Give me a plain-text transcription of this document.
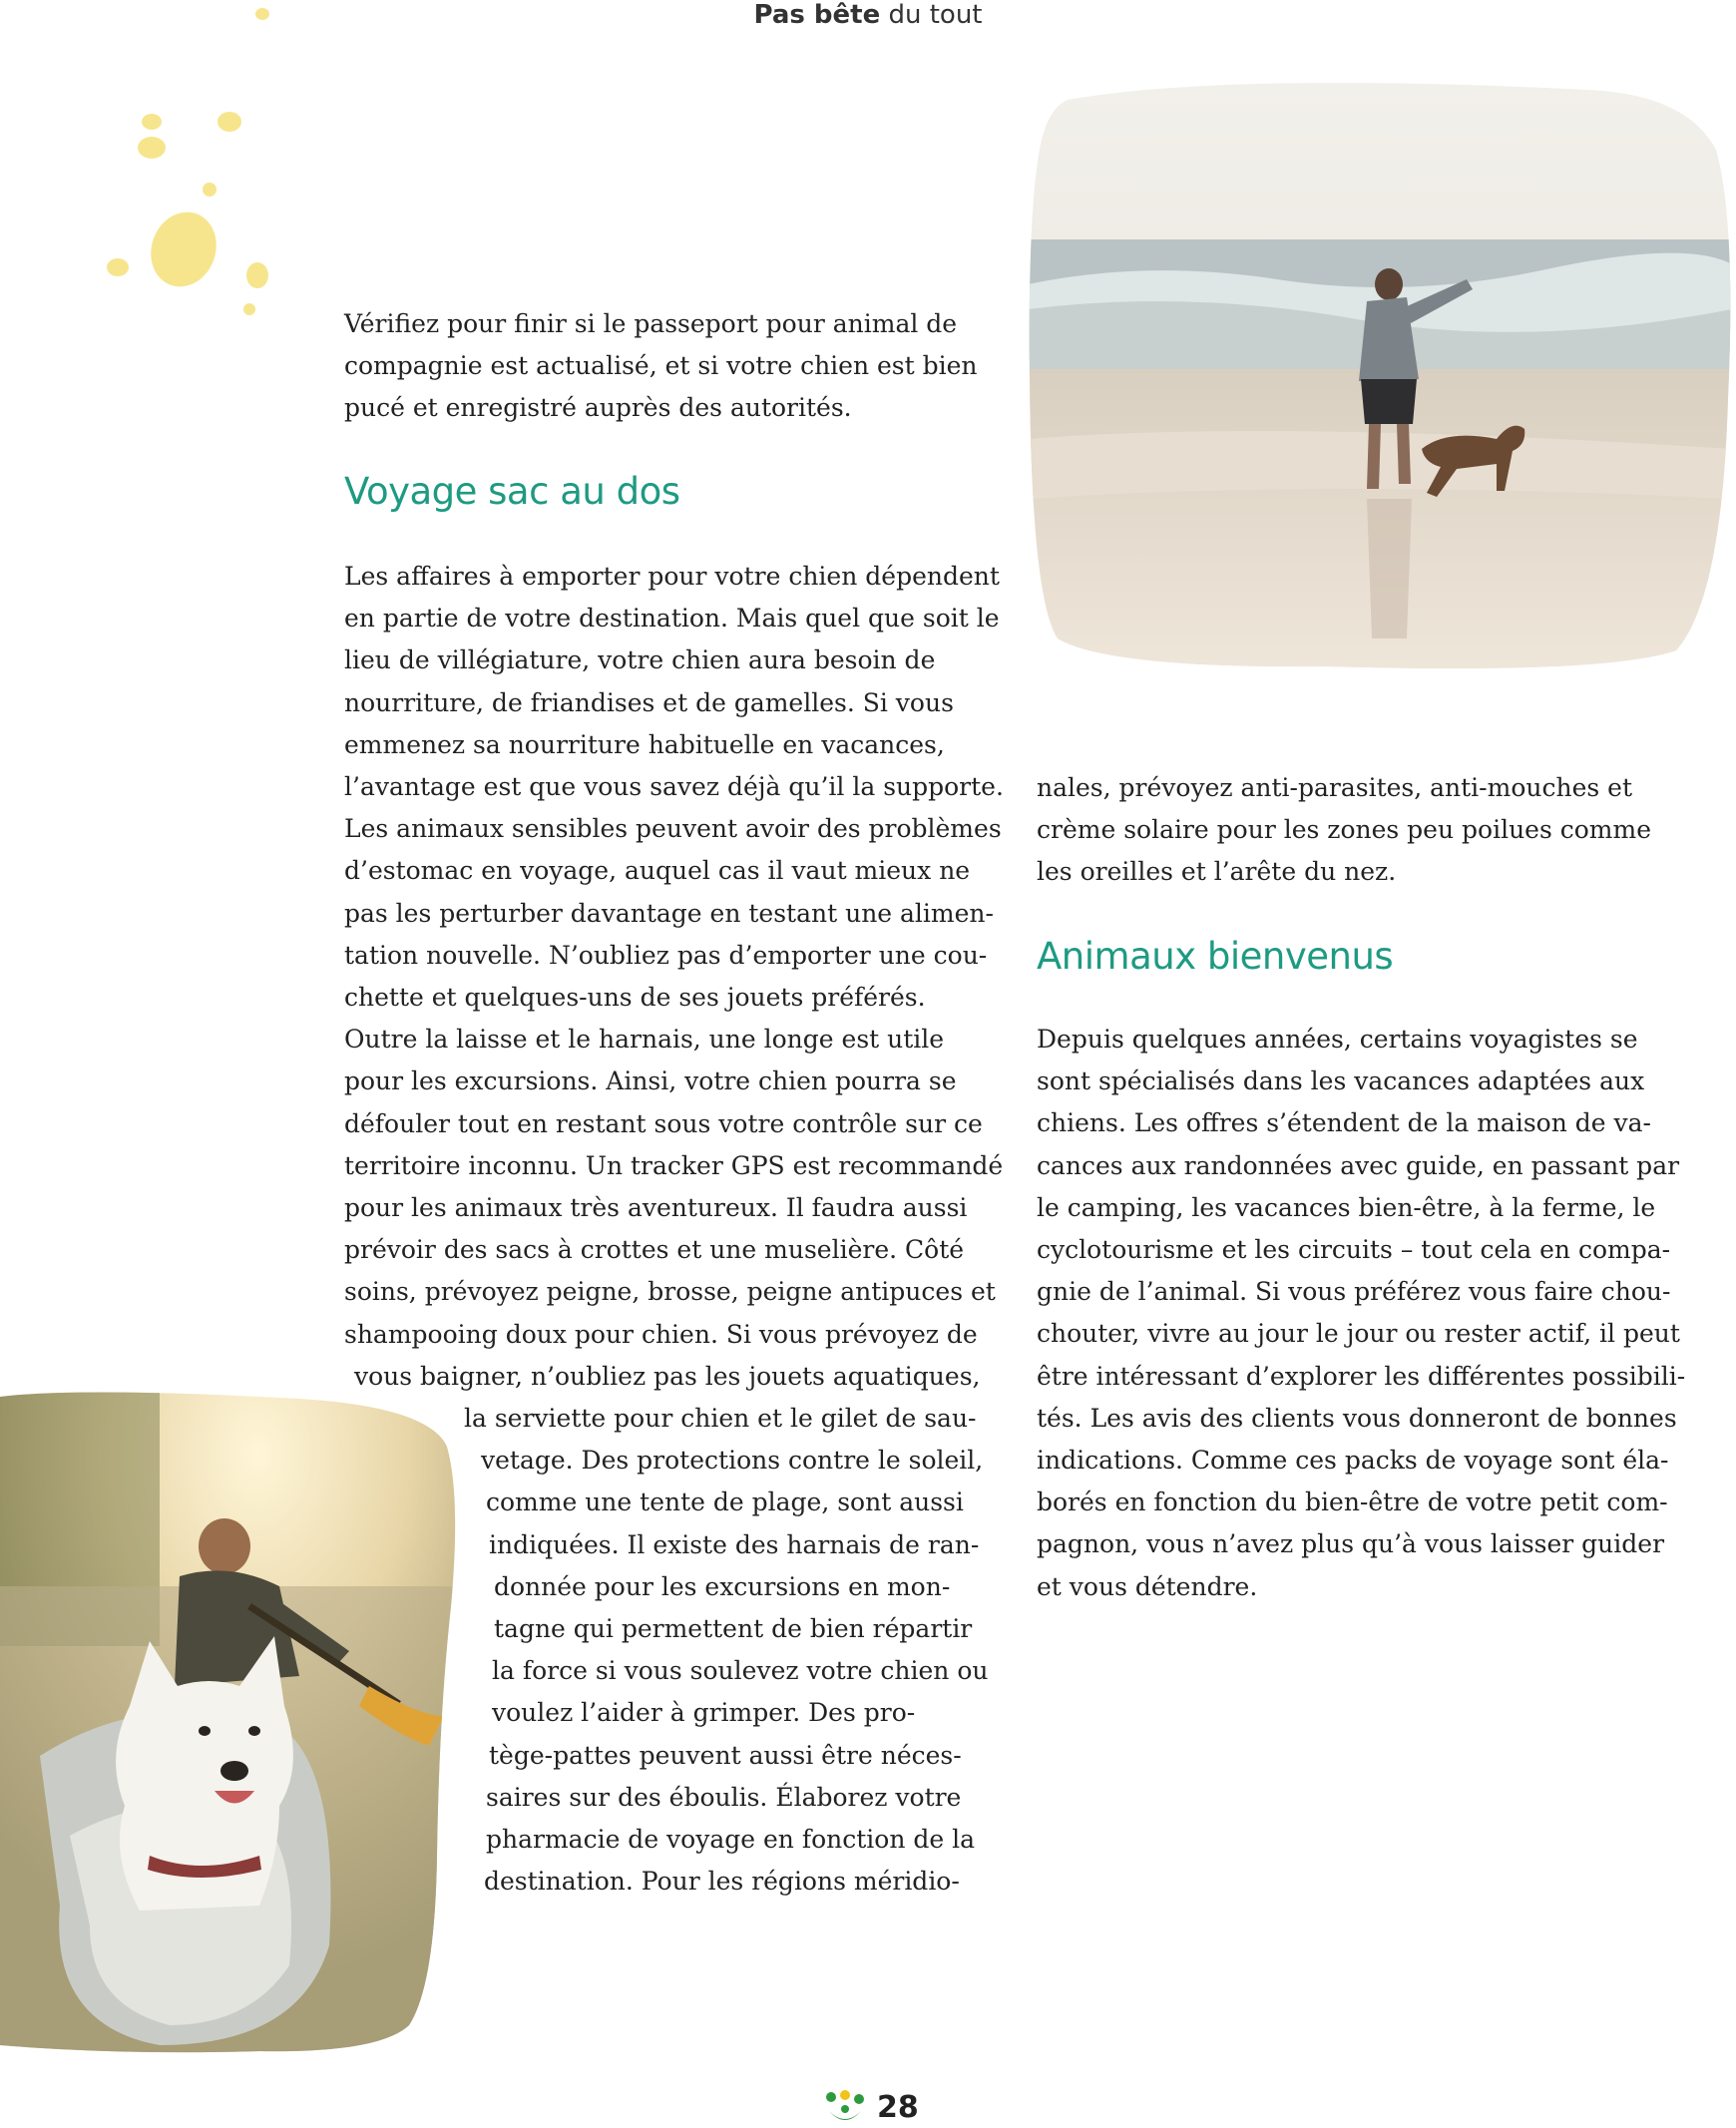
Pas bête du tout

Vérifiez pour finir si le passeport pour animal de

compagnie est actualisé, et si votre chien est bien

pucé et enregistré auprès des autorités.

Voyage sac au dos

Les affaires à emporter pour votre chien dépendent

en partie de votre destination. Mais quel que soit le

lieu de villégiature, votre chien aura besoin de

nourriture, de friandises et de gamelles. Si vous

emmenez sa nourriture habituelle en vacances,

l’avantage est que vous savez déjà qu’il la supporte.

Les animaux sensibles peuvent avoir des problèmes

d’estomac en voyage, auquel cas il vaut mieux ne

pas les perturber davantage en testant une alimen-

tation nouvelle. N’oubliez pas d’emporter une cou-

chette et quelques-uns de ses jouets préférés.

Outre la laisse et le harnais, une longe est utile

pour les excursions. Ainsi, votre chien pourra se

défouler tout en restant sous votre contrôle sur ce

territoire inconnu. Un tracker GPS est recommandé

pour les animaux très aventureux. Il faudra aussi

prévoir des sacs à crottes et une muselière. Côté

soins, prévoyez peigne, brosse, peigne antipuces et

shampooing doux pour chien. Si vous prévoyez de

vous baigner, n’oubliez pas les jouets aquatiques,

la serviette pour chien et le gilet de sau-

vetage. Des protections contre le soleil,

comme une tente de plage, sont aussi

indiquées. Il existe des harnais de ran-

donnée pour les excursions en mon-

tagne qui permettent de bien répartir

la force si vous soulevez votre chien ou

voulez l’aider à grimper. Des pro-

tège-pattes peuvent aussi être néces-

saires sur des éboulis. Élaborez votre

pharmacie de voyage en fonction de la

destination. Pour les régions méridio-

nales, prévoyez anti-parasites, anti-mouches et

crème solaire pour les zones peu poilues comme

les oreilles et l’arête du nez.

Animaux bienvenus

Depuis quelques années, certains voyagistes se

sont spécialisés dans les vacances adaptées aux

chiens. Les offres s’étendent de la maison de va-

cances aux randonnées avec guide, en passant par

le camping, les vacances bien-être, à la ferme, le

cyclotourisme et les circuits – tout cela en compa-

gnie de l’animal. Si vous préférez vous faire chou-

chouter, vivre au jour le jour ou rester actif, il peut

être intéressant d’explorer les différentes possibili-

tés. Les avis des clients vous donneront de bonnes

indications. Comme ces packs de voyage sont éla-

borés en fonction du bien-être de votre petit com-

pagnon, vous n’avez plus qu’à vous laisser guider

et vous détendre.

28
